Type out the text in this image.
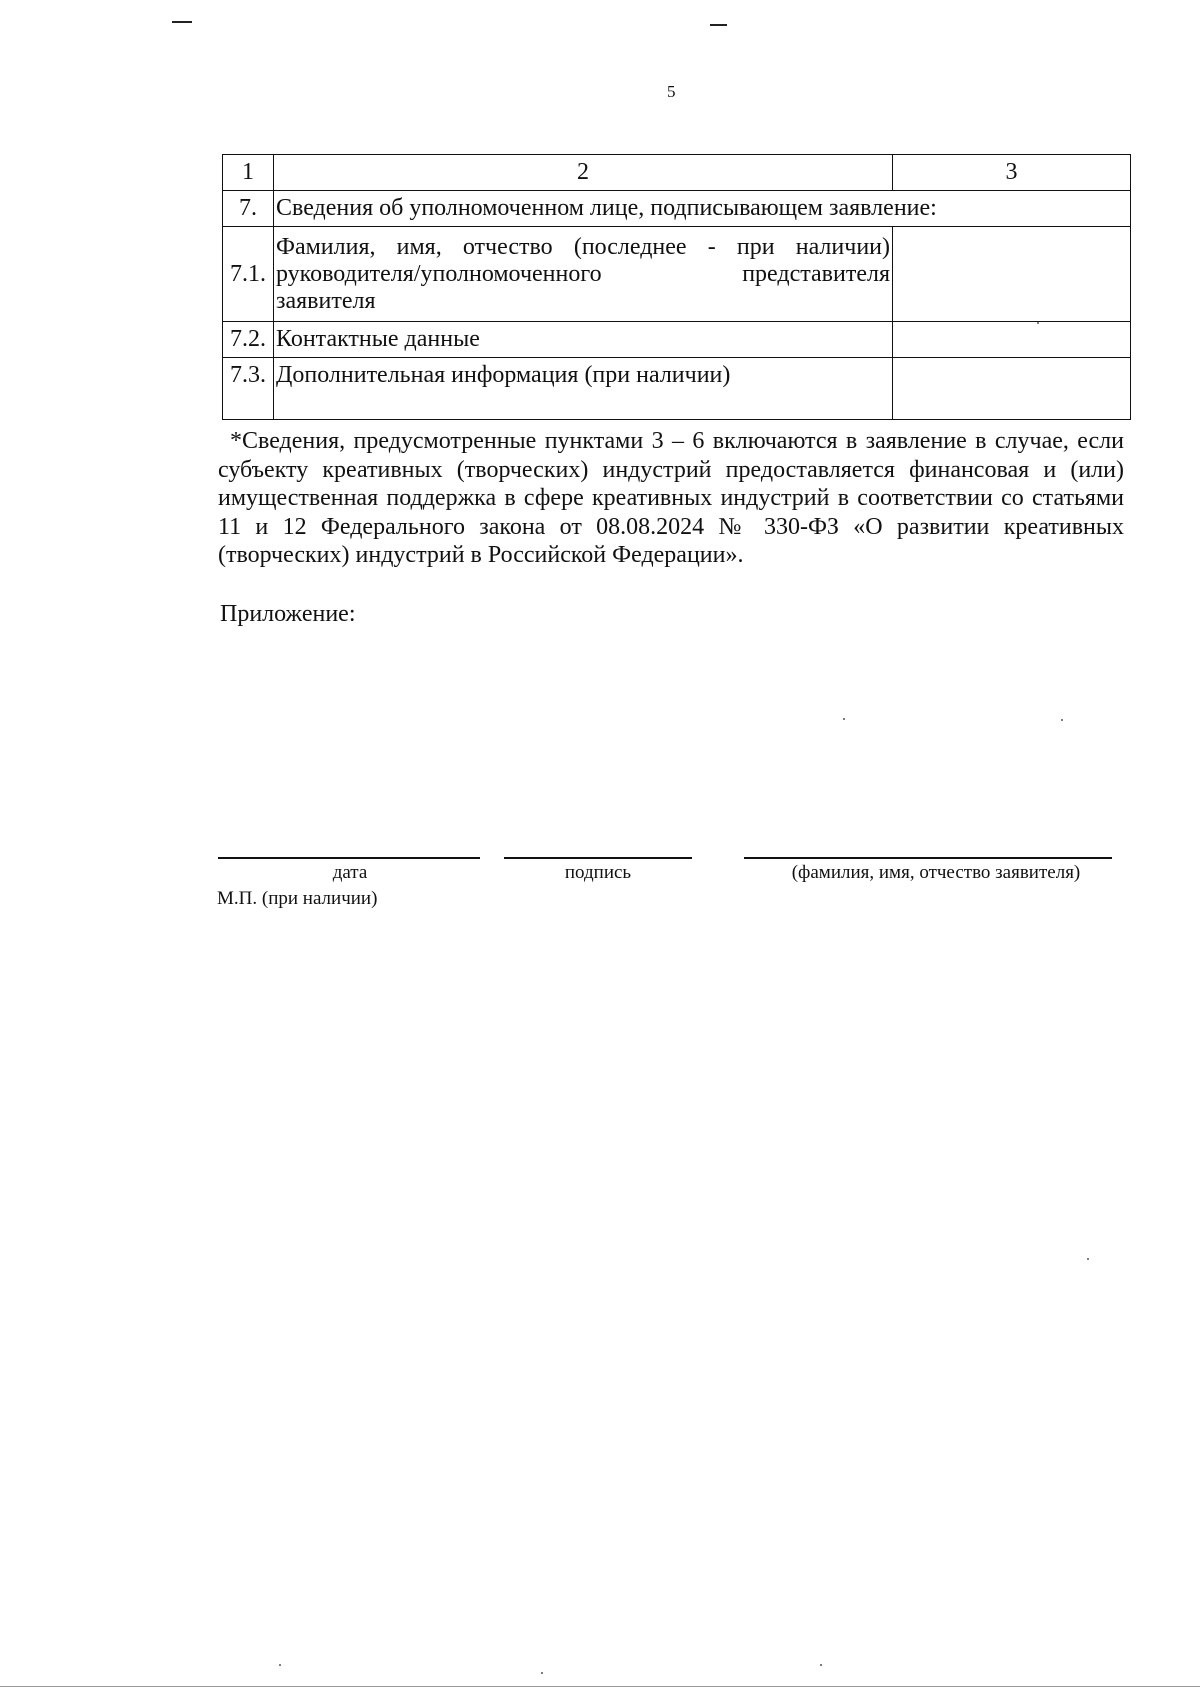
5
1	2	3
7.	Сведения об уполномоченном лице, подписывающем заявление:	
7.1.	Фамилия, имя, отчество (последнее - при наличии)
руководителя/уполномоченного представителя
заявителя	

7.2.	Контактные данные	
7.3.	Дополнительная информация (при наличии)	
*Сведения, предусмотренные пунктами 3 – 6 включаются в заявление в случае, если субъекту креативных (творческих) индустрий предоставляется финансовая и (или) имущественная поддержка в сфере креативных индустрий в соответствии со статьями 11 и 12 Федерального закона от 08.08.2024 № 330-ФЗ «О развитии креативных (творческих) индустрий в Российской Федерации».
Приложение:
дата	подпись	(фамилия, имя, отчество заявителя)
М.П. (при наличии)
